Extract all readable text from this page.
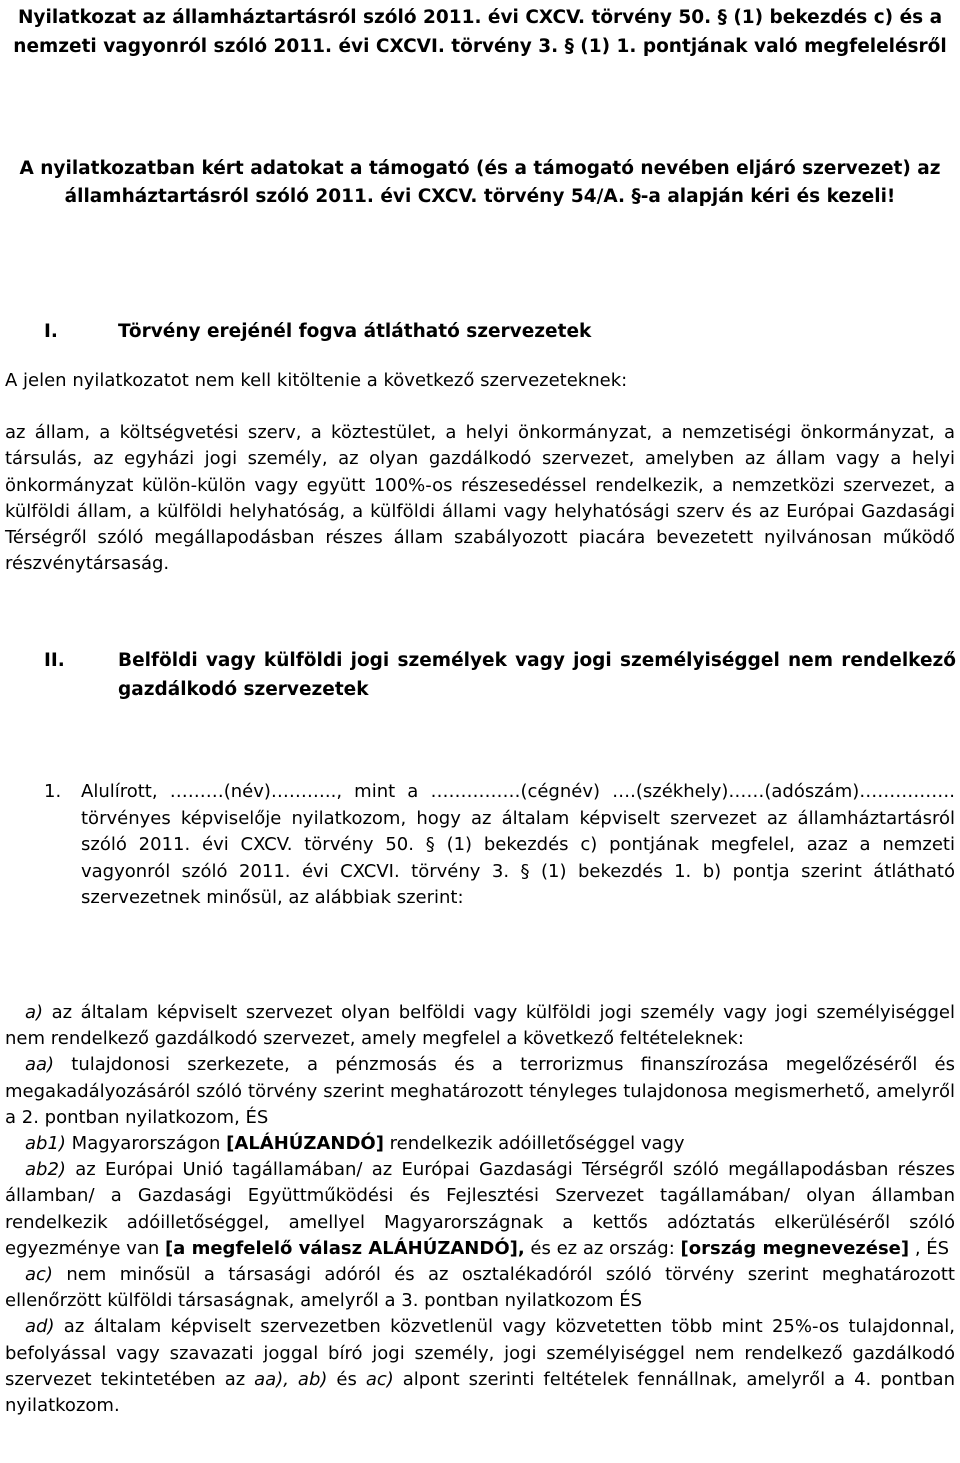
Nyilatkozat az államháztartásról szóló 2011. évi CXCV. törvény 50. § (1) bekezdés c) és a nemzeti vagyonról szóló 2011. évi CXCVI. törvény 3. § (1) 1. pontjának való megfelelésről
A nyilatkozatban kért adatokat a támogató (és a támogató nevében eljáró szervezet) az államháztartásról szóló 2011. évi CXCV. törvény 54/A. §-a alapján kéri és kezeli!
I.	Törvény erejénél fogva átlátható szervezetek
A jelen nyilatkozatot nem kell kitöltenie a következő szervezeteknek:
az állam, a költségvetési szerv, a köztestület, a helyi önkormányzat, a nemzetiségi önkormányzat, a társulás, az egyházi jogi személy, az olyan gazdálkodó szervezet, amelyben az állam vagy a helyi önkormányzat külön-külön vagy együtt 100%-os részesedéssel rendelkezik, a nemzetközi szervezet, a külföldi állam, a külföldi helyhatóság, a külföldi állami vagy helyhatósági szerv és az Európai Gazdasági Térségről szóló megállapodásban részes állam szabályozott piacára bevezetett nyilvánosan működő részvénytársaság.
II.	Belföldi vagy külföldi jogi személyek vagy jogi személyiséggel nem rendelkező gazdálkodó szervezetek
1. Alulírott, ………(név)……….., mint a ……………(cégnév) ….(székhely)……(adószám)……………. törvényes képviselője nyilatkozom, hogy az általam képviselt szervezet az államháztartásról szóló 2011. évi CXCV. törvény 50. § (1) bekezdés c) pontjának megfelel, azaz a nemzeti vagyonról szóló 2011. évi CXCVI. törvény 3. § (1) bekezdés 1. b) pontja szerint átlátható szervezetnek minősül, az alábbiak szerint:
a) az általam képviselt szervezet olyan belföldi vagy külföldi jogi személy vagy jogi személyiséggel nem rendelkező gazdálkodó szervezet, amely megfelel a következő feltételeknek:
aa) tulajdonosi szerkezete, a pénzmosás és a terrorizmus finanszírozása megelőzéséről és megakadályozásáról szóló törvény szerint meghatározott tényleges tulajdonosa megismerhető, amelyről a 2. pontban nyilatkozom, ÉS
ab1) Magyarországon [ALÁHÚZANDÓ] rendelkezik adóilletőséggel vagy
ab2) az Európai Unió tagállamában/ az Európai Gazdasági Térségről szóló megállapodásban részes államban/ a Gazdasági Együttműködési és Fejlesztési Szervezet tagállamában/ olyan államban rendelkezik adóilletőséggel, amellyel Magyarországnak a kettős adóztatás elkerüléséről szóló egyezménye van [a megfelelő válasz ALÁHÚZANDÓ], és ez az ország: [ország megnevezése] , ÉS
ac) nem minősül a társasági adóról és az osztalékadóról szóló törvény szerint meghatározott ellenőrzött külföldi társaságnak, amelyről a 3. pontban nyilatkozom ÉS
ad) az általam képviselt szervezetben közvetlenül vagy közvetetten több mint 25%-os tulajdonnal, befolyással vagy szavazati joggal bíró jogi személy, jogi személyiséggel nem rendelkező gazdálkodó szervezet tekintetében az aa), ab) és ac) alpont szerinti feltételek fennállnak, amelyről a 4. pontban nyilatkozom.
